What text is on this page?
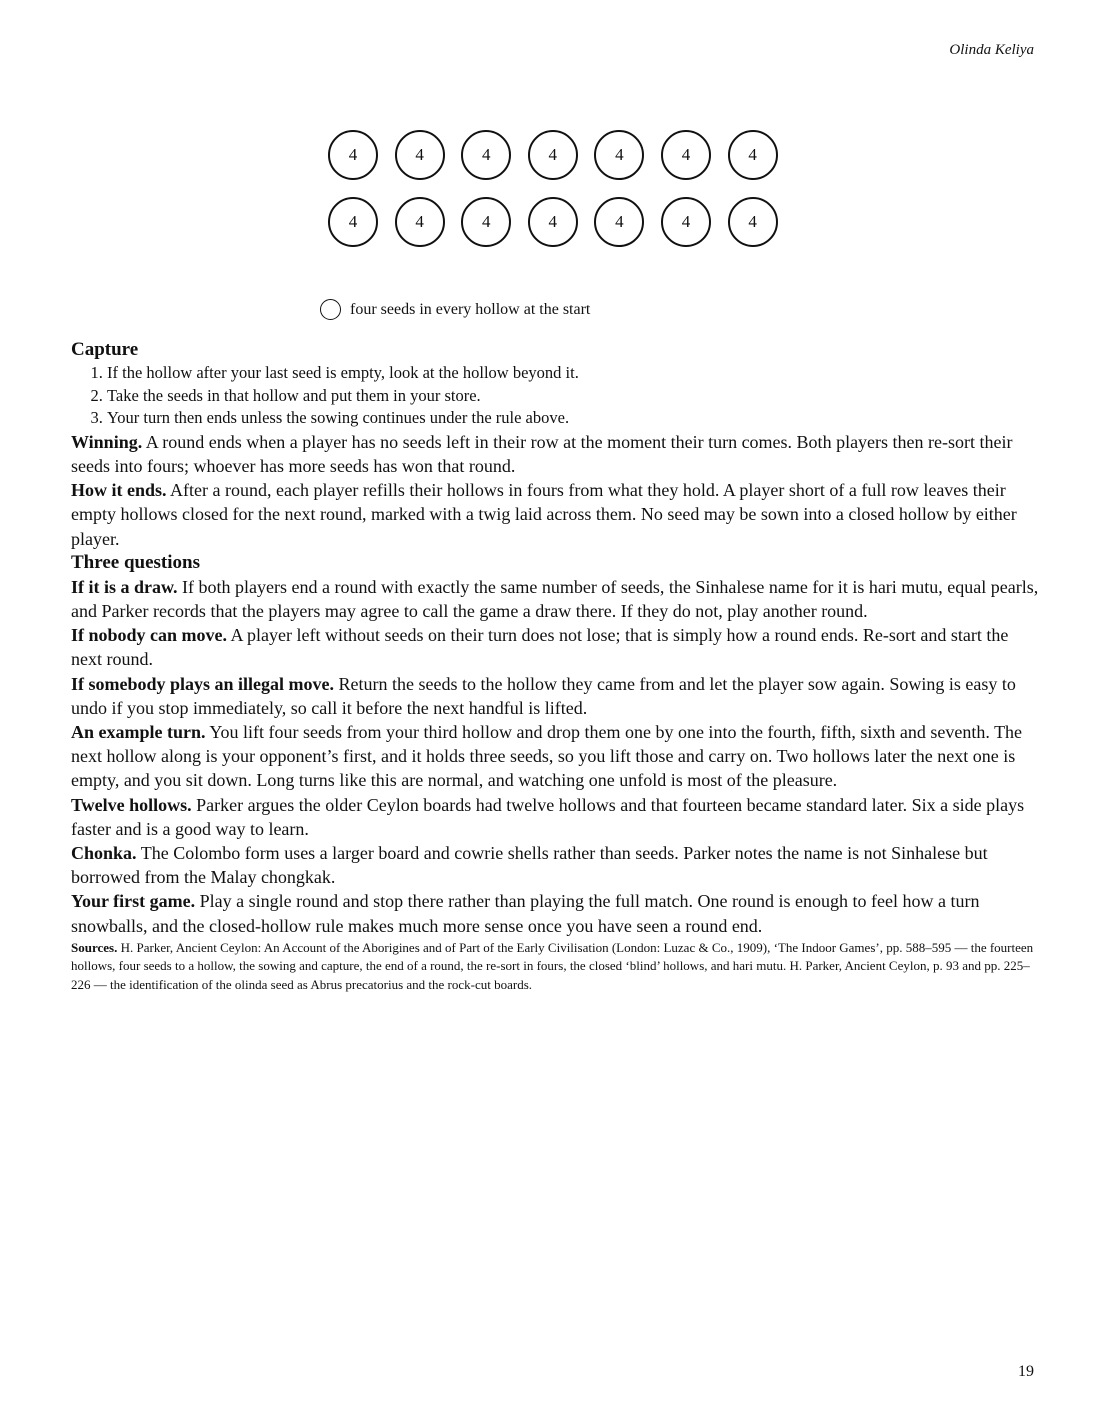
Olinda Keliya
4	4	4	4	4	4	4
4	4	4	4	4	4	4
four seeds in every hollow at the start

Capture

1. If the hollow after your last seed is empty, look at the hollow beyond it.
2. Take the seeds in that hollow and put them in your store.
3. Your turn then ends unless the sowing continues under the rule above.

Winning. A round ends when a player has no seeds left in their row at the moment their turn comes. Both players then re-sort their seeds into fours; whoever has more seeds has won that round.

How it ends. After a round, each player refills their hollows in fours from what they hold. A player short of a full row leaves their empty hollows closed for the next round, marked with a twig laid across them. No seed may be sown into a closed hollow by either player.

Three questions

If it is a draw. If both players end a round with exactly the same number of seeds, the Sinhalese name for it is hari mutu, equal pearls, and Parker records that the players may agree to call the game a draw there. If they do not, play another round.

If nobody can move. A player left without seeds on their turn does not lose; that is simply how a round ends. Re-sort and start the next round.

If somebody plays an illegal move. Return the seeds to the hollow they came from and let the player sow again. Sowing is easy to undo if you stop immediately, so call it before the next handful is lifted.

An example turn. You lift four seeds from your third hollow and drop them one by one into the fourth, fifth, sixth and seventh. The next hollow along is your opponent’s first, and it holds three seeds, so you lift those and carry on. Two hollows later the next one is empty, and you sit down. Long turns like this are normal, and watching one unfold is most of the pleasure.

Twelve hollows. Parker argues the older Ceylon boards had twelve hollows and that fourteen became standard later. Six a side plays faster and is a good way to learn.

Chonka. The Colombo form uses a larger board and cowrie shells rather than seeds. Parker notes the name is not Sinhalese but borrowed from the Malay chongkak.

Your first game. Play a single round and stop there rather than playing the full match. One round is enough to feel how a turn snowballs, and the closed-hollow rule makes much more sense once you have seen a round end.

Sources. H. Parker, Ancient Ceylon: An Account of the Aborigines and of Part of the Early Civilisation (London: Luzac & Co., 1909), ‘The Indoor Games’, pp. 588–595 — the fourteen hollows, four seeds to a hollow, the sowing and capture, the end of a round, the re-sort in fours, the closed ‘blind’ hollows, and hari mutu. H. Parker, Ancient Ceylon, p. 93 and pp. 225–226 — the identification of the olinda seed as Abrus precatorius and the rock-cut boards.

19
